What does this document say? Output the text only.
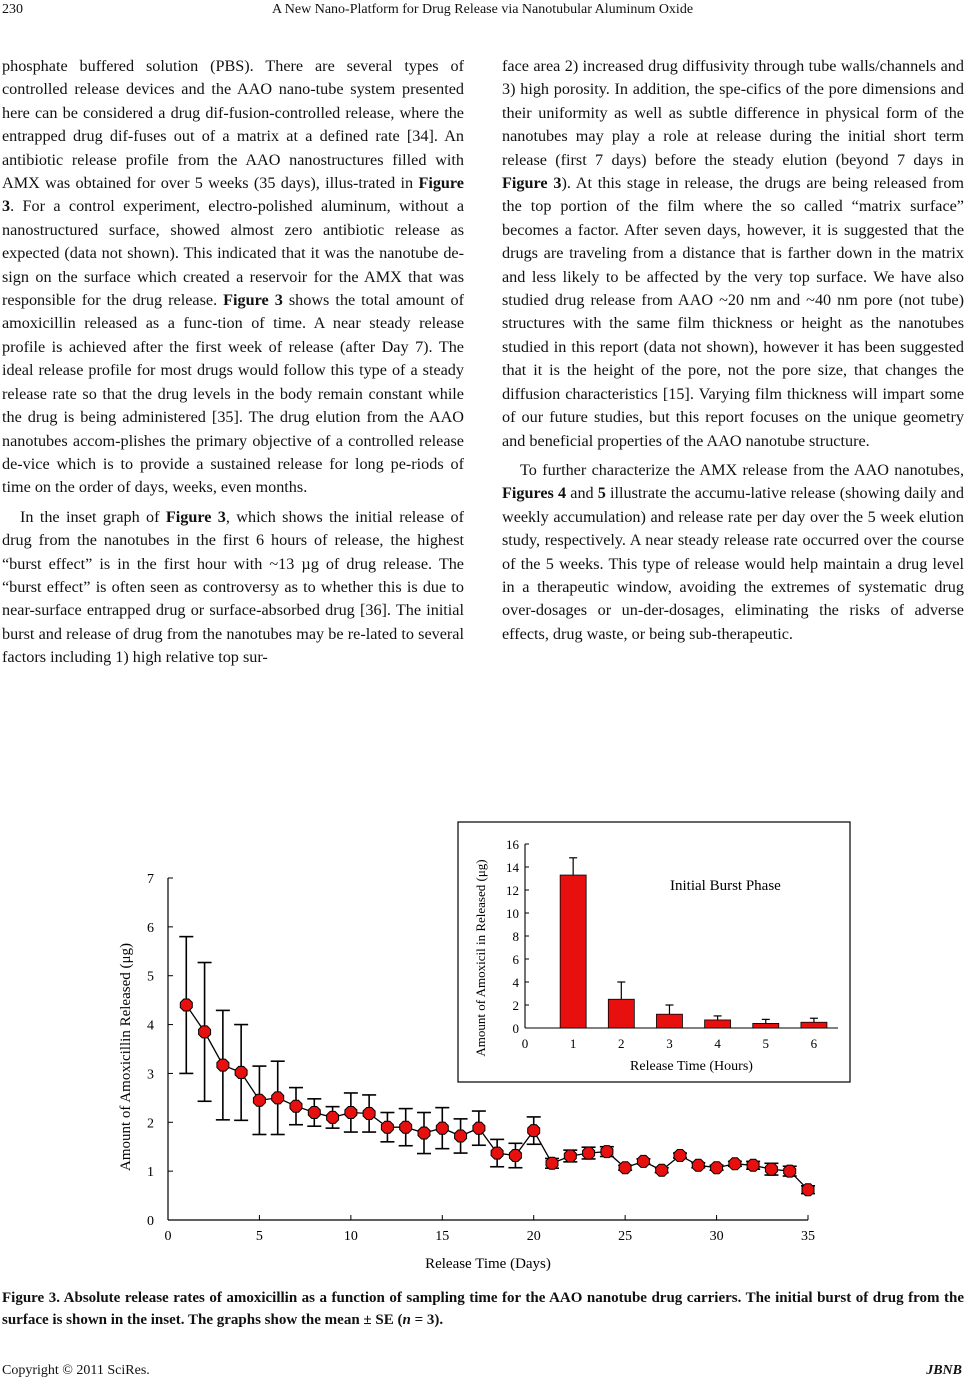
230	A New Nano-Platform for Drug Release via Nanotubular Aluminum Oxide

phosphate buffered solution (PBS). There are several types of controlled release devices and the AAO nano-tube system presented here can be considered a drug dif-fusion-controlled release, where the entrapped drug dif-fuses out of a matrix at a defined rate [34]. An antibiotic release profile from the AAO nanostructures filled with AMX was obtained for over 5 weeks (35 days), illus-trated in Figure 3. For a control experiment, electro-polished aluminum, without a nanostructured surface, showed almost zero antibiotic release as expected (data not shown). This indicated that it was the nanotube de-sign on the surface which created a reservoir for the AMX that was responsible for the drug release. Figure 3 shows the total amount of amoxicillin released as a func-tion of time. A near steady release profile is achieved after the first week of release (after Day 7). The ideal release profile for most drugs would follow this type of a steady release rate so that the drug levels in the body remain constant while the drug is being administered [35]. The drug elution from the AAO nanotubes accom-plishes the primary objective of a controlled release de-vice which is to provide a sustained release for long pe-riods of time on the order of days, weeks, even months.

In the inset graph of Figure 3, which shows the initial release of drug from the nanotubes in the first 6 hours of release, the highest “burst effect” is in the first hour with ~13 µg of drug release. The “burst effect” is often seen as controversy as to whether this is due to near-surface entrapped drug or surface-absorbed drug [36]. The initial burst and release of drug from the nanotubes may be re-lated to several factors including 1) high relative top sur-

face area 2) increased drug diffusivity through tube walls/channels and 3) high porosity. In addition, the spe-cifics of the pore dimensions and their uniformity as well as subtle difference in physical form of the nanotubes may play a role at release during the initial short term release (first 7 days) before the steady elution (beyond 7 days in Figure 3). At this stage in release, the drugs are being released from the top portion of the film where the so called “matrix surface” becomes a factor. After seven days, however, it is suggested that the drugs are traveling from a distance that is farther down in the matrix and less likely to be affected by the very top surface. We have also studied drug release from AAO ~20 nm and ~40 nm pore (not tube) structures with the same film thickness or height as the nanotubes studied in this report (data not shown), however it has been suggested that it is the height of the pore, not the pore size, that changes the diffusion characteristics [15]. Varying film thickness will impart some of our future studies, but this report focuses on the unique geometry and beneficial properties of the AAO nanotube structure.

To further characterize the AMX release from the AAO nanotubes, Figures 4 and 5 illustrate the accumu-lative release (showing daily and weekly accumulation) and release rate per day over the 5 week elution study, respectively. A near steady release rate occurred over the course of the 5 weeks. This type of release would help maintain a drug level in a therapeutic window, avoiding the extremes of systematic drug over-dosages or un-der-dosages, eliminating the risks of adverse effects, drug waste, or being sub-therapeutic.

0
1
2
3
4
5
6
7
0	5	10	15	20	25	30	35
Release Time (Days)
Amount of Amoxicillin Released (μg)	0
2
4
6
8
10
12
14
16
0	1	2	3	4	5	6
Release Time (Hours)
Amount of Amoxicil in Released (μg)	Initial Burst Phase
Figure 3. Absolute release rates of amoxicillin as a function of sampling time for the AAO nanotube drug carriers. The initial burst of drug from the surface is shown in the inset. The graphs show the mean ± SE (n = 3).
Copyright © 2011 SciRes.	JBNB
